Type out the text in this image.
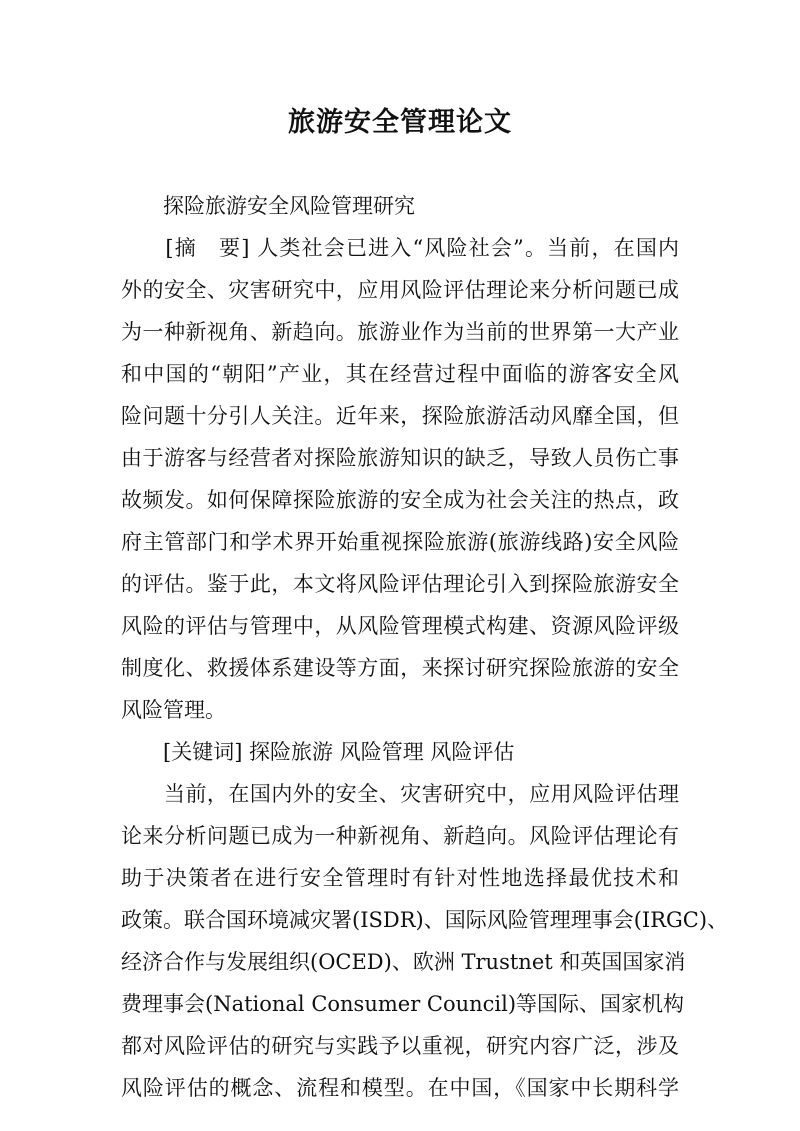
旅游安全管理论文

　　探险旅游安全风险管理研究

　　[摘　要] 人类社会已进入“风险社会”。当前，在国内

外的安全、灾害研究中，应用风险评估理论来分析问题已成

为一种新视角、新趋向。旅游业作为当前的世界第一大产业

和中国的“朝阳”产业，其在经营过程中面临的游客安全风

险问题十分引人关注。近年来，探险旅游活动风靡全国，但

由于游客与经营者对探险旅游知识的缺乏，导致人员伤亡事

故频发。如何保障探险旅游的安全成为社会关注的热点，政

府主管部门和学术界开始重视探险旅游(旅游线路)安全风险

的评估。鉴于此，本文将风险评估理论引入到探险旅游安全

风险的评估与管理中，从风险管理模式构建、资源风险评级

制度化、救援体系建设等方面，来探讨研究探险旅游的安全

风险管理。

　　[关键词] 探险旅游 风险管理 风险评估

　　当前，在国内外的安全、灾害研究中，应用风险评估理

论来分析问题已成为一种新视角、新趋向。风险评估理论有

助于决策者在进行安全管理时有针对性地选择最优技术和

政策。联合国环境减灾署(ISDR)、国际风险管理理事会(IRGC)、

经济合作与发展组织(OCED)、欧洲 Trustnet 和英国国家消

费理事会(National Consumer Council)等国际、国家机构

都对风险评估的研究与实践予以重视，研究内容广泛，涉及

风险评估的概念、流程和模型。在中国，《国家中长期科学
